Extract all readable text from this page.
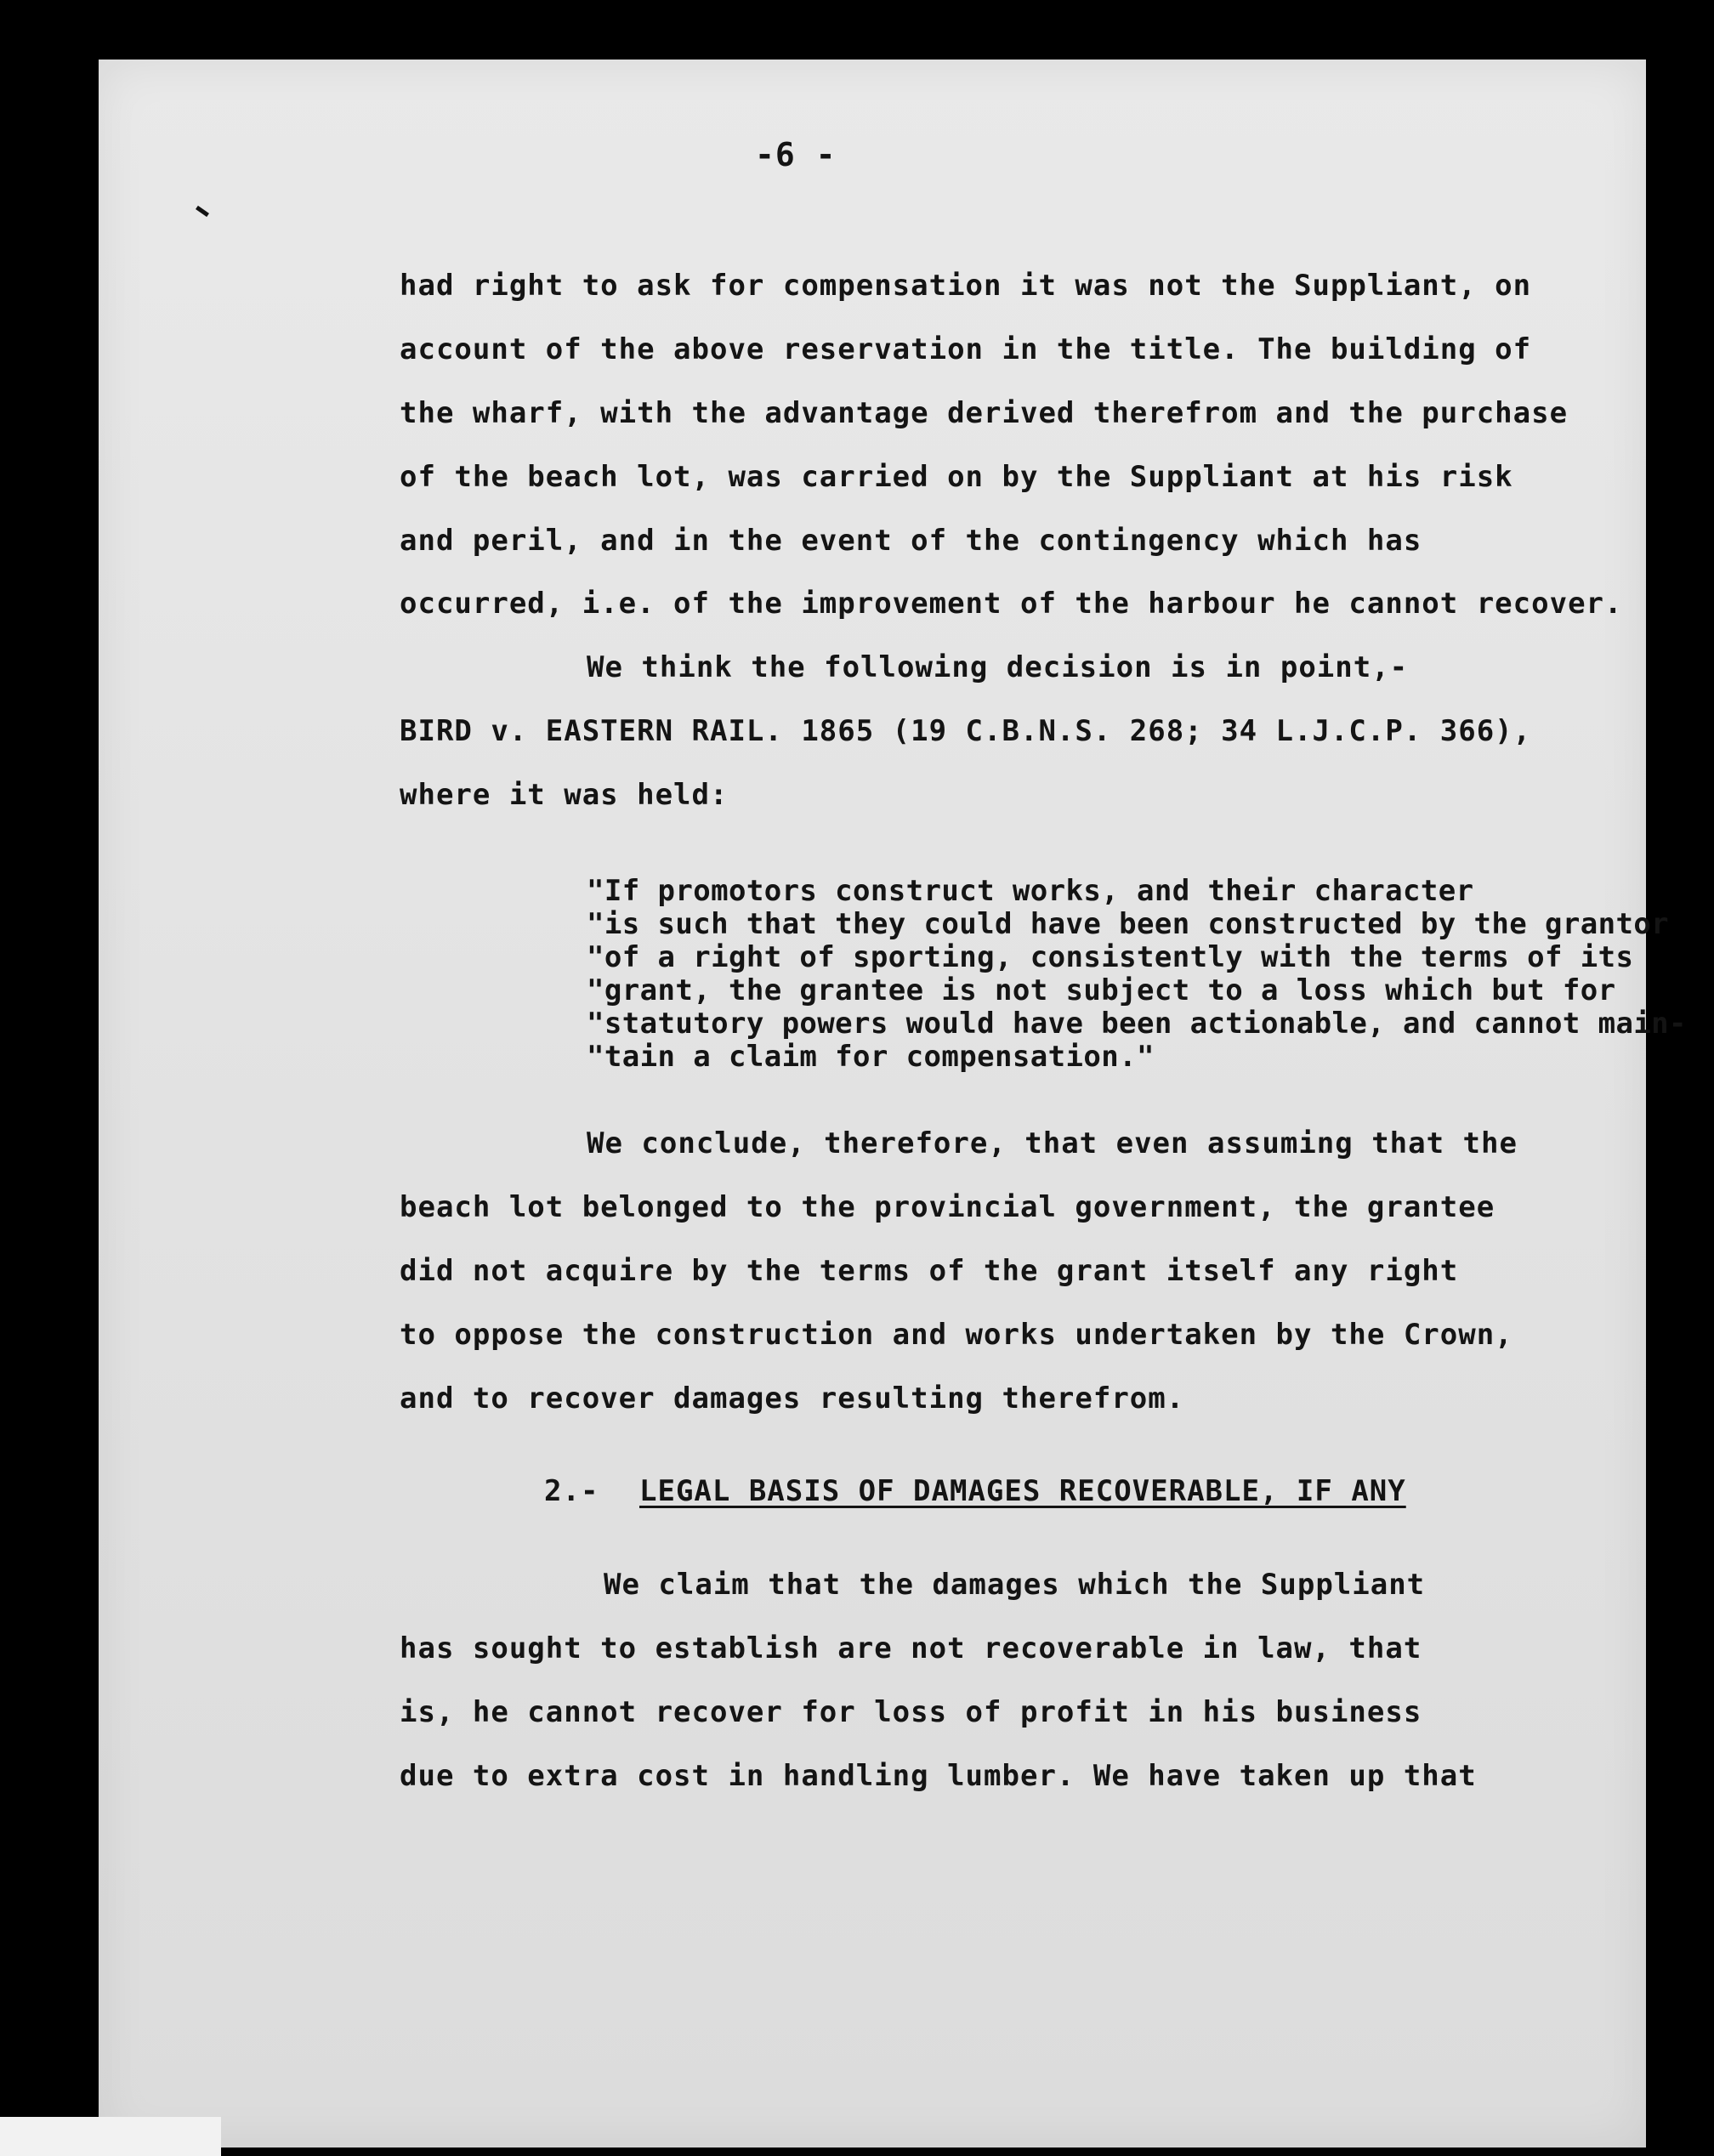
-6 -
had right to ask for compensation it was not the Suppliant, on
account of the above reservation in the title. The building of
the wharf, with the advantage derived therefrom and the purchase
of the beach lot, was carried on by the Suppliant at his risk
and peril, and in the event of the contingency which has
occurred, i.e. of the improvement of the harbour he cannot recover.
We think the following decision is in point,-
BIRD v. EASTERN RAIL. 1865 (19 C.B.N.S. 268; 34 L.J.C.P. 366),
where it was held:
"If promotors construct works, and their character
"is such that they could have been constructed by the grantor
"of a right of sporting, consistently with the terms of its
"grant, the grantee is not subject to a loss which but for
"statutory powers would have been actionable, and cannot main-
"tain a claim for compensation."
We conclude, therefore, that even assuming that the
beach lot belonged to the provincial government, the grantee
did not acquire by the terms of the grant itself any right
to oppose the construction and works undertaken by the Crown,
and to recover damages resulting therefrom.
2.- LEGAL BASIS OF DAMAGES RECOVERABLE, IF ANY
We claim that the damages which the Suppliant
has sought to establish are not recoverable in law, that
is, he cannot recover for loss of profit in his business
due to extra cost in handling lumber. We have taken up that
